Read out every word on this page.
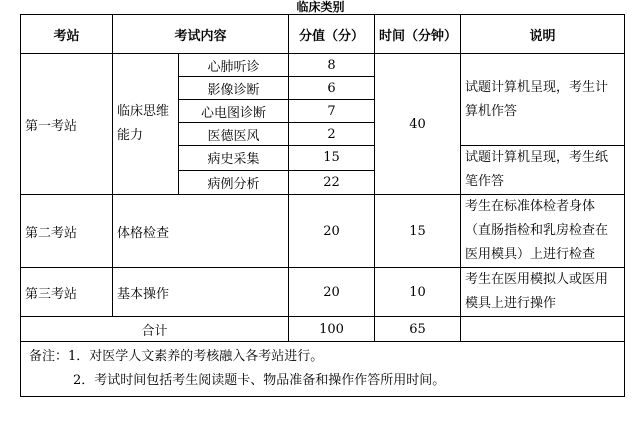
临床类别
考站	考试内容		分值（分）	时间（分钟）	说明
第一考站	临床思维能力	心肺听诊	8	40	试题计算机呈现，考生计算机作答
		影像诊断	6		
		心电图诊断	7		
		医德医风	2		
		病史采集	15		试题计算机呈现，考生纸笔作答
		病例分析	22		
第二考站	体格检查		20	15	考生在标准体检者身体（直肠指检和乳房检查在医用模具）上进行检查
第三考站	基本操作		20	10	考生在医用模拟人或医用模具上进行操作
合计			100	65	

备注：1．对医学人文素养的考核融入各考站进行。
2．考试时间包括考生阅读题卡、物品准备和操作作答所用时间。					
